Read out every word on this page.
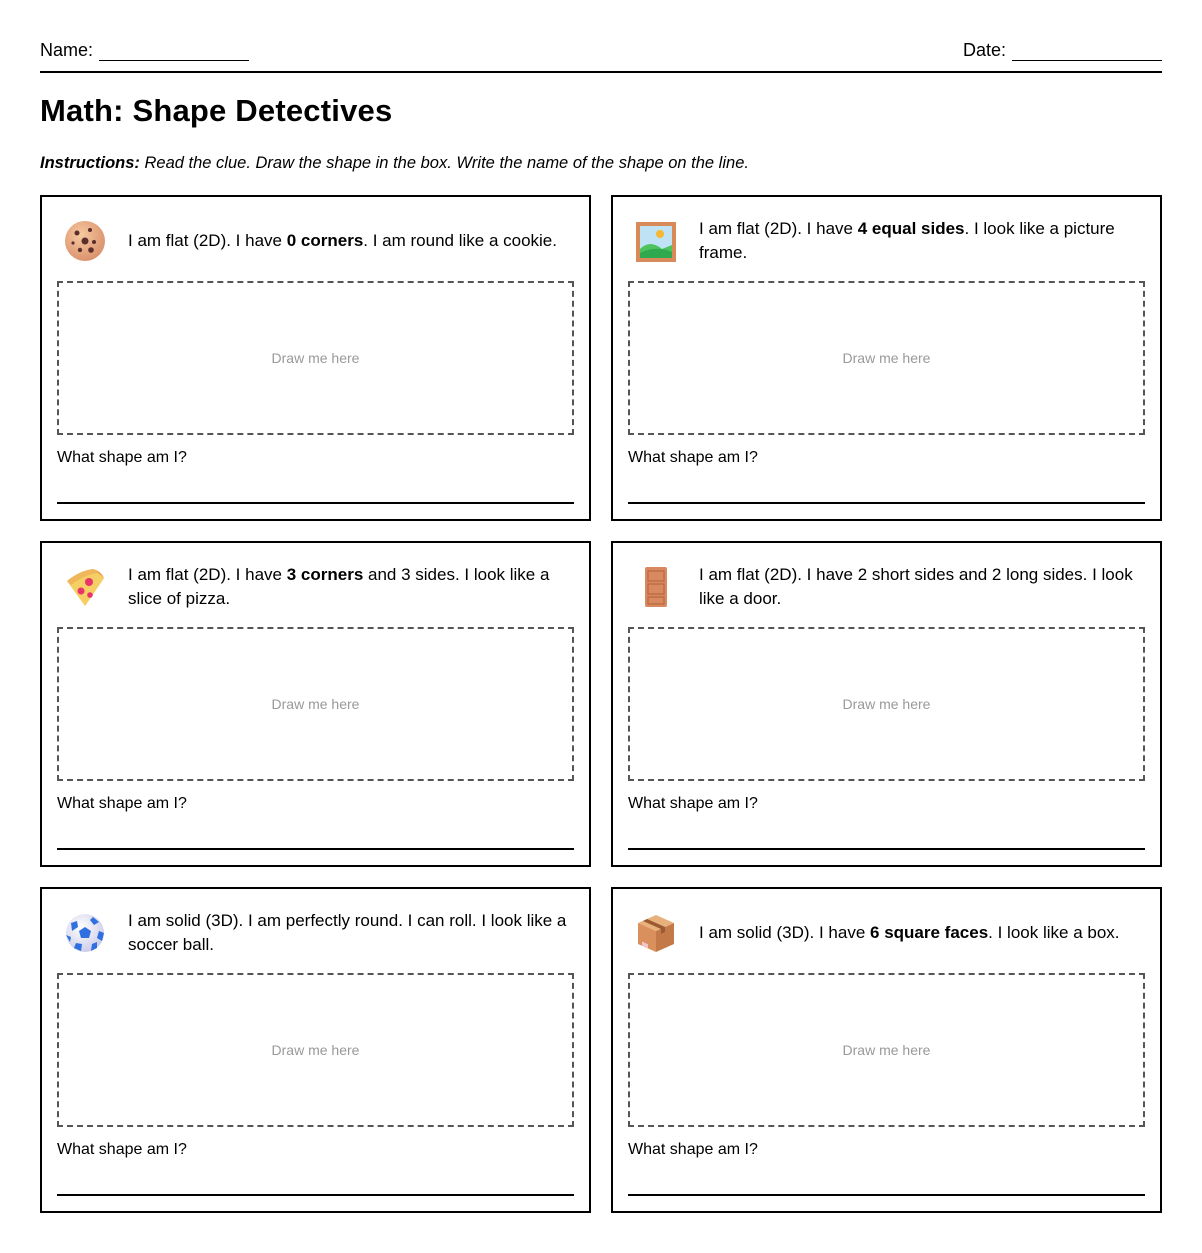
Name:	Date:
Math: Shape Detectives

Instructions: Read the clue. Draw the shape in the box. Write the name of the shape on the line.

I am flat (2D). I have 0 corners. I am round like a cookie.
Draw me here
What shape am I?
I am flat (2D). I have 4 equal sides. I look like a picture frame.
Draw me here
What shape am I?
I am flat (2D). I have 3 corners and 3 sides. I look like a slice of pizza.
Draw me here
What shape am I?
I am flat (2D). I have 2 short sides and 2 long sides. I look like a door.
Draw me here
What shape am I?
I am solid (3D). I am perfectly round. I can roll. I look like a soccer ball.
Draw me here
What shape am I?
I am solid (3D). I have 6 square faces. I look like a box.
Draw me here
What shape am I?
